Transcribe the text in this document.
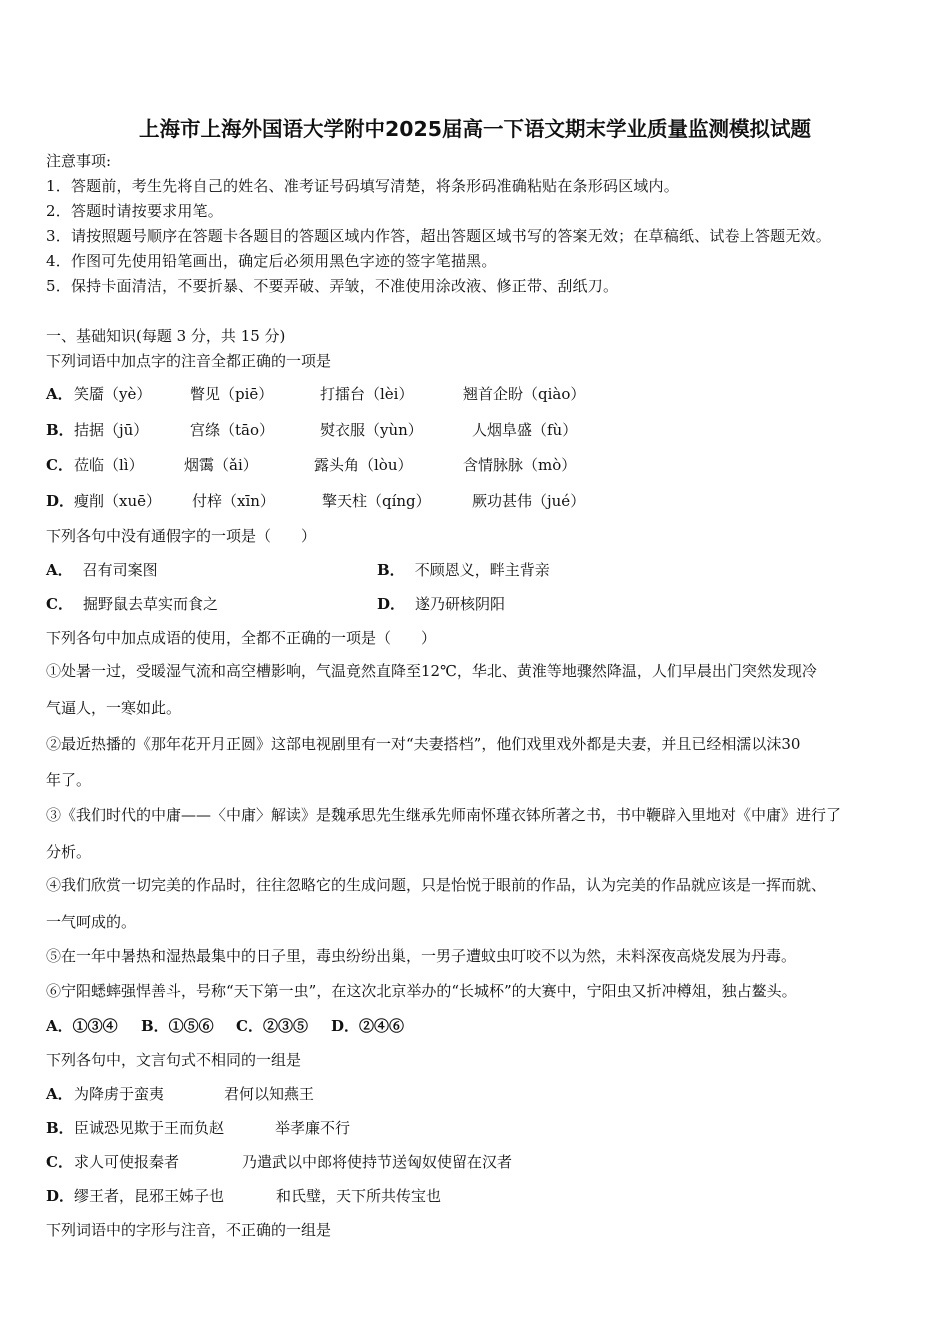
上海市上海外国语大学附中2025届高一下语文期末学业质量监测模拟试题
注意事项:
1．答题前，考生先将自己的姓名、准考证号码填写清楚，将条形码准确粘贴在条形码区域内。
2．答题时请按要求用笔。
3．请按照题号顺序在答题卡各题目的答题区域内作答，超出答题区域书写的答案无效；在草稿纸、试卷上答题无效。
4．作图可先使用铅笔画出，确定后必须用黑色字迹的签字笔描黑。
5．保持卡面清洁，不要折暴、不要弄破、弄皱，不准使用涂改液、修正带、刮纸刀。
一、基础知识(每题 3 分，共 15 分)
下列词语中加点字的注音全都正确的一项是
A． 笑靥（yè）	瞥见（piē）	打擂台（lèi）	翘首企盼（qiào）
B． 拮据（jū）	宫绦（tāo）	熨衣服（yùn）	人烟阜盛（fù）
C． 莅临（lì）	烟霭（ǎi）	露头角（lòu）	含情脉脉（mò）
D． 瘦削（xuē） 付梓（xīn）	擎天柱（qíng）	厥功甚伟（jué）
下列各句中没有通假字的一项是（　　）
A． 召有司案图	B． 不顾恩义，畔主背亲
C． 掘野鼠去草实而食之	D． 遂乃研核阴阳
下列各句中加点成语的使用，全都不正确的一项是（　　）
①处暑一过，受暖湿气流和高空槽影响，气温竟然直降至12℃，华北、黄淮等地骤然降温，人们早晨出门突然发现冷
气逼人，一寒如此。
②最近热播的《那年花开月正圆》这部电视剧里有一对“夫妻搭档”，他们戏里戏外都是夫妻，并且已经相濡以沫30
年了。
③《我们时代的中庸——〈中庸〉解读》是魏承思先生继承先师南怀瑾衣钵所著之书，书中鞭辟入里地对《中庸》进行了
分析。
④我们欣赏一切完美的作品时，往往忽略它的生成问题，只是怡悦于眼前的作品，认为完美的作品就应该是一挥而就、
一气呵成的。
⑤在一年中暑热和湿热最集中的日子里，毒虫纷纷出巢，一男子遭蚊虫叮咬不以为然，未料深夜高烧发展为丹毒。
⑥宁阳蟋蟀强悍善斗，号称“天下第一虫”，在这次北京举办的“长城杯”的大赛中，宁阳虫又折冲樽俎，独占鳌头。
A．①③④ B．①⑤⑥ C．②③⑤ D．②④⑥
下列各句中，文言句式不相同的一组是
A． 为降虏于蛮夷	君何以知燕王
B． 臣诚恐见欺于王而负赵	举孝廉不行
C． 求人可使报秦者	乃遣武以中郎将使持节送匈奴使留在汉者
D． 缪王者，昆邪王姊子也	和氏璧，天下所共传宝也
下列词语中的字形与注音，不正确的一组是
